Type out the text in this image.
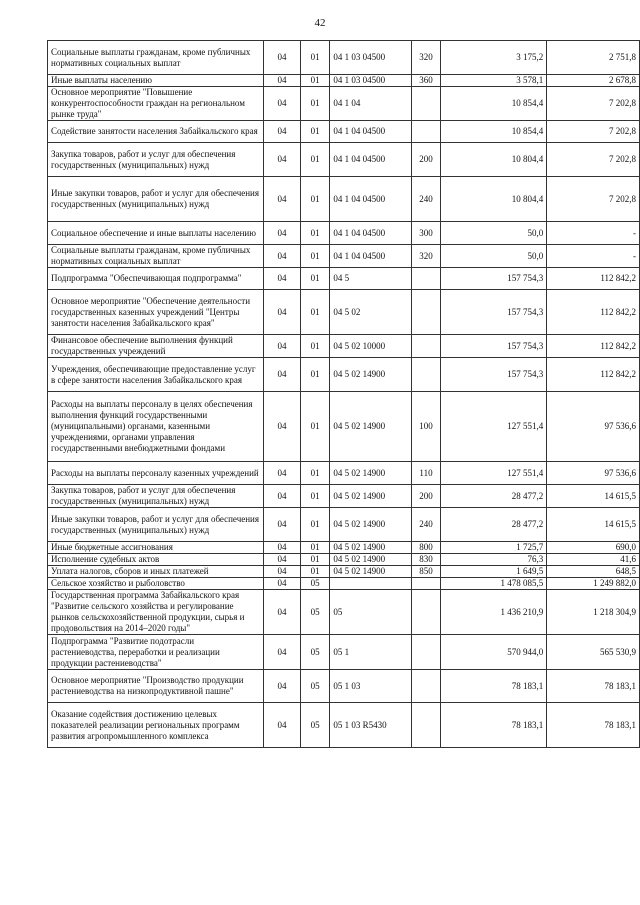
42
Социальные выплаты гражданам, кроме публичных нормативных социальных выплат	04	01	04 1 03 04500	320	3 175,2	2 751,8
Иные выплаты населению	04	01	04 1 03 04500	360	3 578,1	2 678,8
Основное мероприятие "Повышение конкурентоспособности граждан на региональном рынке труда"	04	01	04 1 04		10 854,4	7 202,8
Содействие занятости населения Забайкальского края	04	01	04 1 04 04500		10 854,4	7 202,8
Закупка товаров, работ и услуг для обеспечения государственных (муниципальных) нужд	04	01	04 1 04 04500	200	10 804,4	7 202,8
Иные закупки товаров, работ и услуг для обеспечения государственных (муниципальных) нужд	04	01	04 1 04 04500	240	10 804,4	7 202,8
Социальное обеспечение и иные выплаты населению	04	01	04 1 04 04500	300	50,0	-
Социальные выплаты гражданам, кроме публичных нормативных социальных выплат	04	01	04 1 04 04500	320	50,0	-
Подпрограмма "Обеспечивающая подпрограмма"	04	01	04 5		157 754,3	112 842,2
Основное мероприятие "Обеспечение деятельности государственных казенных учреждений "Центры занятости населения Забайкальского края"	04	01	04 5 02		157 754,3	112 842,2
Финансовое обеспечение выполнения функций государственных учреждений	04	01	04 5 02 10000		157 754,3	112 842,2
Учреждения, обеспечивающие предоставление услуг в сфере занятости населения Забайкальского края	04	01	04 5 02 14900		157 754,3	112 842,2
Расходы на выплаты персоналу в целях обеспечения выполнения функций государственными (муниципальными) органами, казенными учреждениями, органами управления государственными внебюджетными фондами	04	01	04 5 02 14900	100	127 551,4	97 536,6
Расходы на выплаты персоналу казенных учреждений	04	01	04 5 02 14900	110	127 551,4	97 536,6
Закупка товаров, работ и услуг для обеспечения государственных (муниципальных) нужд	04	01	04 5 02 14900	200	28 477,2	14 615,5
Иные закупки товаров, работ и услуг для обеспечения государственных (муниципальных) нужд	04	01	04 5 02 14900	240	28 477,2	14 615,5
Иные бюджетные ассигнования	04	01	04 5 02 14900	800	1 725,7	690,0
Исполнение судебных актов	04	01	04 5 02 14900	830	76,3	41,6
Уплата налогов, сборов и иных платежей	04	01	04 5 02 14900	850	1 649,5	648,5
Сельское хозяйство и рыболовство	04	05			1 478 085,5	1 249 882,0
Государственная программа Забайкальского края "Развитие сельского хозяйства и регулирование рынков сельскохозяйственной продукции, сырья и продовольствия на 2014–2020 годы"	04	05	05		1 436 210,9	1 218 304,9
Подпрограмма "Развитие подотрасли растениеводства, переработки и реализации продукции растениеводства"	04	05	05 1		570 944,0	565 530,9
Основное мероприятие "Производство продукции растениеводства на низкопродуктивной пашне"	04	05	05 1 03		78 183,1	78 183,1
Оказание содействия достижению целевых показателей реализации региональных программ развития агропромышленного комплекса	04	05	05 1 03 R5430		78 183,1	78 183,1
